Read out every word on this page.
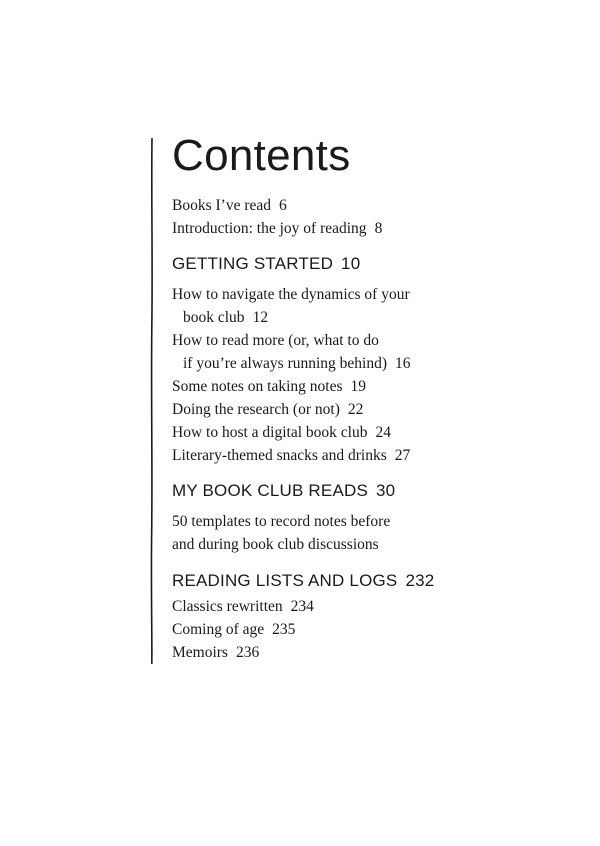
Contents
Books I’ve read 6
Introduction: the joy of reading 8
GETTING STARTED 10
How to navigate the dynamics of your
book club 12
How to read more (or, what to do
if you’re always running behind) 16
Some notes on taking notes 19
Doing the research (or not) 22
How to host a digital book club 24
Literary-themed snacks and drinks 27
MY BOOK CLUB READS 30
50 templates to record notes before
and during book club discussions
READING LISTS AND LOGS 232
Classics rewritten 234
Coming of age 235
Memoirs 236
